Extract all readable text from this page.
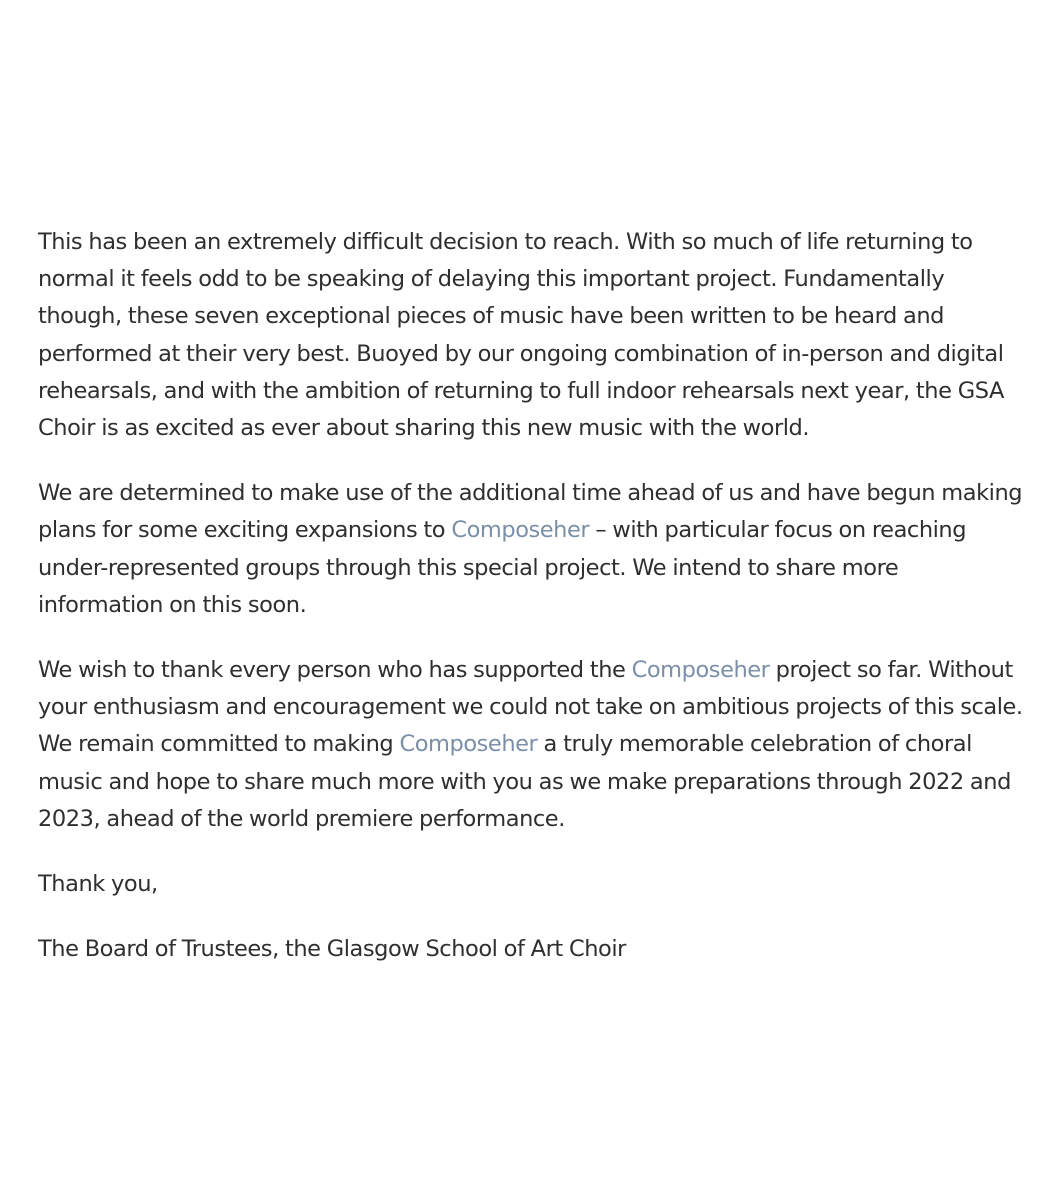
This has been an extremely difficult decision to reach. With so much of life returning to normal it feels odd to be speaking of delaying this important project. Fundamentally though, these seven exceptional pieces of music have been written to be heard and performed at their very best. Buoyed by our ongoing combination of in-person and digital rehearsals, and with the ambition of returning to full indoor rehearsals next year, the GSA Choir is as excited as ever about sharing this new music with the world.

We are determined to make use of the additional time ahead of us and have begun making plans for some exciting expansions to Composeher – with particular focus on reaching under-represented groups through this special project. We intend to share more information on this soon.

We wish to thank every person who has supported the Composeher project so far. Without your enthusiasm and encouragement we could not take on ambitious projects of this scale. We remain committed to making Composeher a truly memorable celebration of choral music and hope to share much more with you as we make preparations through 2022 and 2023, ahead of the world premiere performance.

Thank you,

The Board of Trustees, the Glasgow School of Art Choir
